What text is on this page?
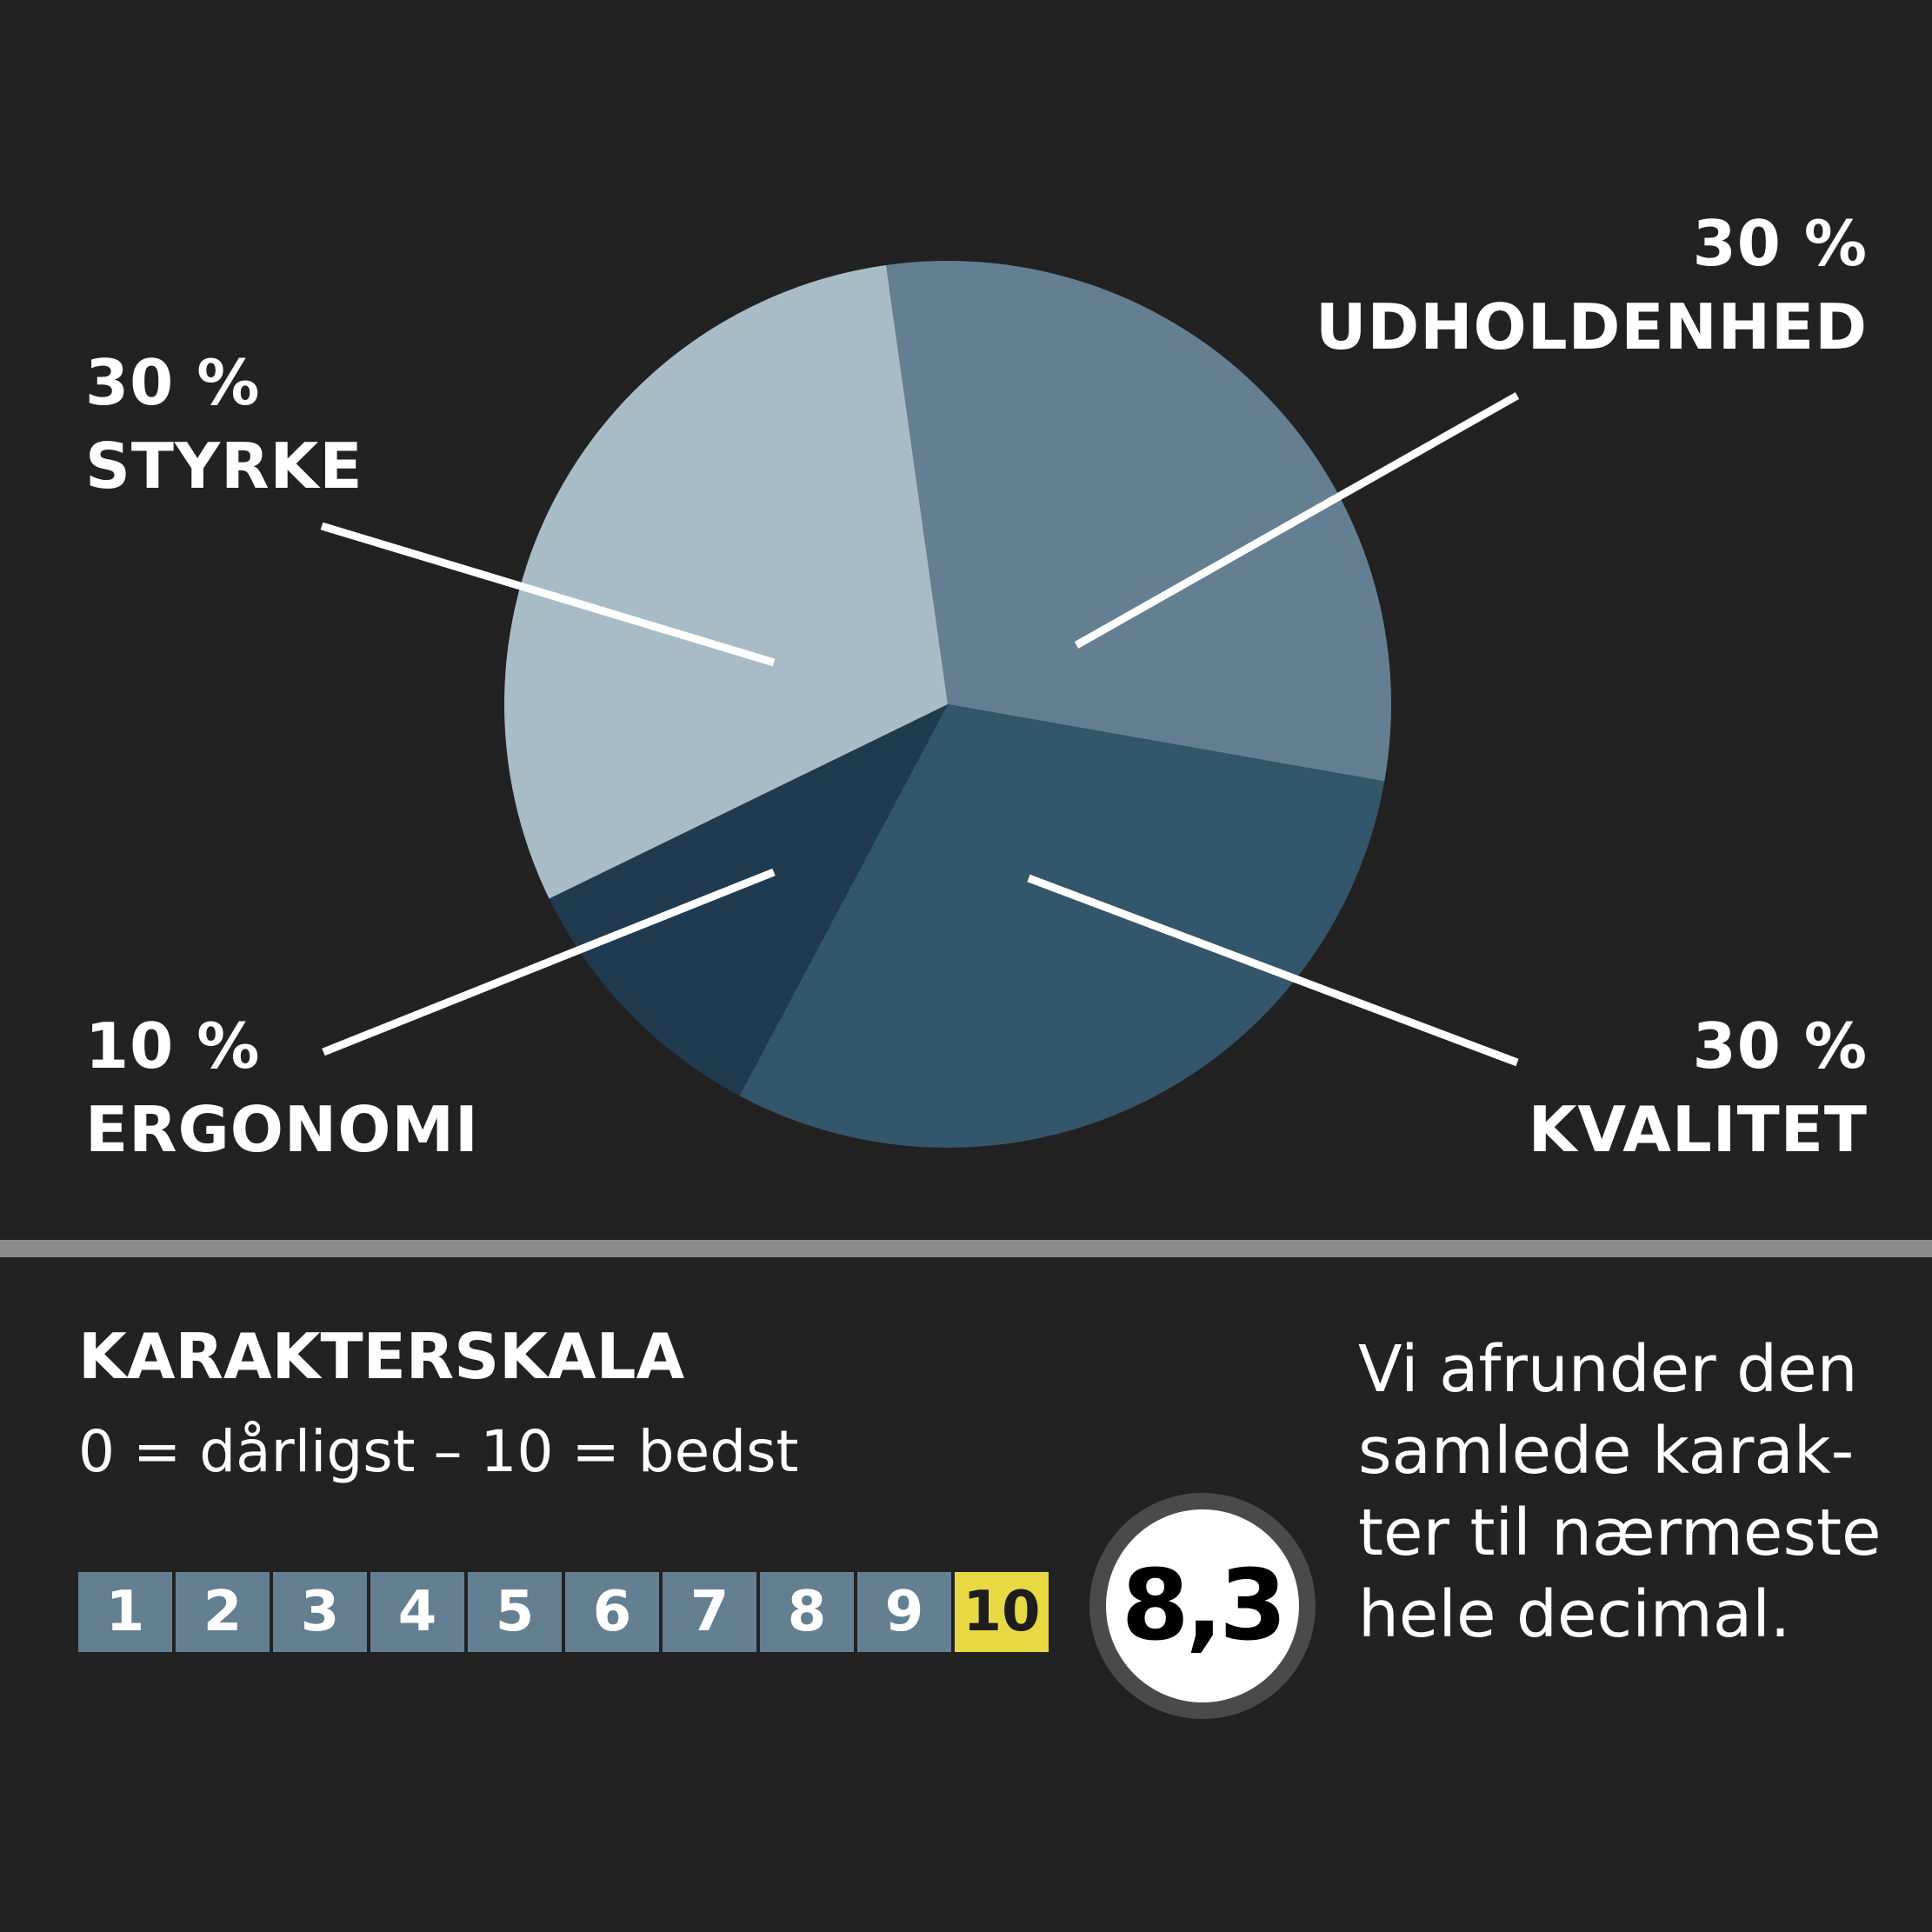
30 %
UDHOLDENHED
30 %
STYRKE
10 %
ERGONOMI
30 %
KVALITET
KARAKTERSKALA
0 = dårligst – 10 = bedst
1	2	3	4	5	6	7	8	9 10 8,3
Vi afrunder den
samlede karak-
ter til nærmeste
hele decimal.
